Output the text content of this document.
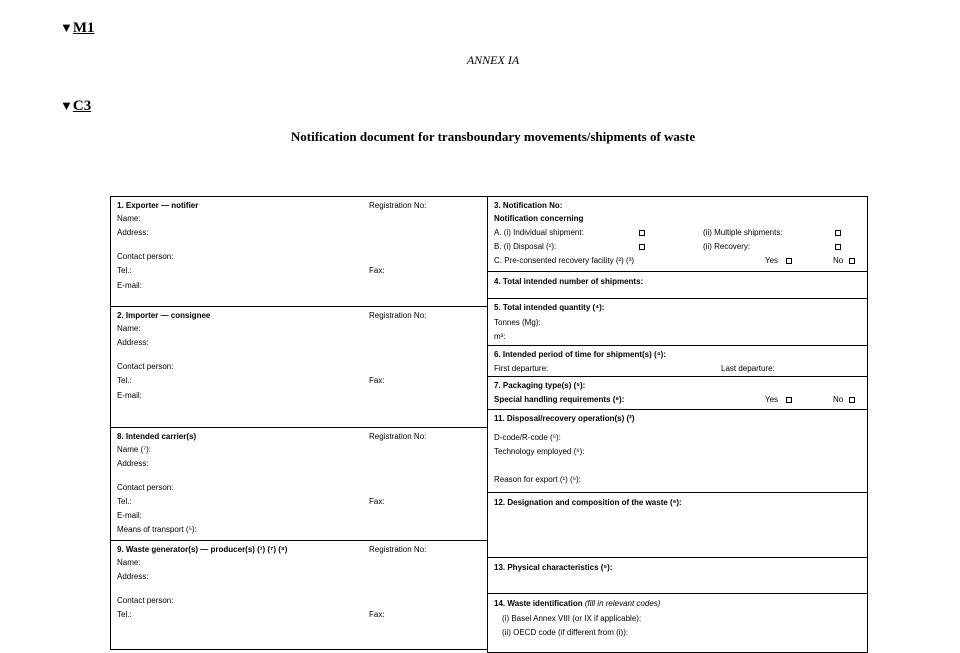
▼M1
ANNEX IA
▼C3
Notification document for transboundary movements/shipments of waste
1. Exporter — notifier	Registration No:
Name:
Address:
Contact person:
Tel.:	Fax:
E-mail:
2. Importer — consignee	Registration No:
Name:
Address:
Contact person:
Tel.:	Fax:
E-mail:
8. Intended carrier(s)	Registration No:
Name (⁷):
Address:
Contact person:
Tel.:	Fax:
E-mail:
Means of transport (⁵):
9. Waste generator(s) — producer(s) (¹) (⁷) (⁸)	Registration No:
Name:
Address:
Contact person:
Tel.:	Fax:
3. Notification No:
Notification concerning
A. (i) Individual shipment:	(ii) Multiple shipments:
B. (i) Disposal (¹):	(ii) Recovery:
C. Pre-consented recovery facility (²) (³)	Yes	No
4. Total intended number of shipments:
5. Total intended quantity (⁴):
Tonnes (Mg):
m³:
6. Intended period of time for shipment(s) (⁴):
First departure:	Last departure:
7. Packaging type(s) (⁵):
Special handling requirements (⁶):	Yes	No
11. Disposal/recovery operation(s) (²)
D-code/R-code (⁵):
Technology employed (⁶):
Reason for export (¹) (⁶):
12. Designation and composition of the waste (⁶):
13. Physical characteristics (⁵):
14. Waste identification (fill in relevant codes)
(i) Basel Annex VIII (or IX if applicable):
(ii) OECD code (if different from (i)):
